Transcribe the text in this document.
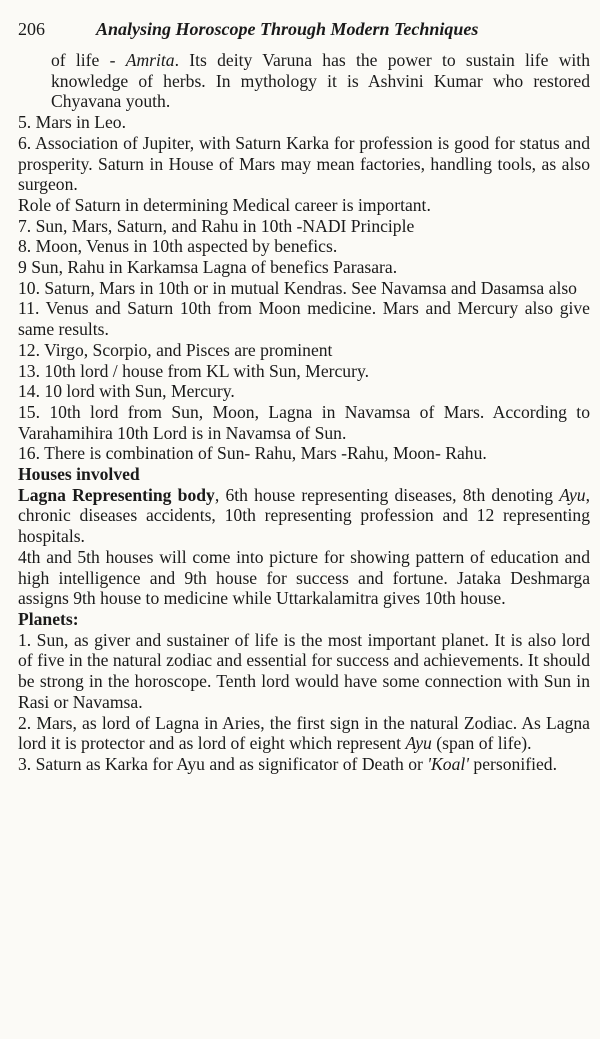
206	Analysing Horoscope Through Modern Techniques

of life - Amrita. Its deity Varuna has the power to sustain life with knowledge of herbs. In mythology it is Ashvini Kumar who restored Chyavana youth.

5. Mars in Leo.

6. Association of Jupiter, with Saturn Karka for profession is good for status and prosperity. Saturn in House of Mars may mean factories, handling tools, as also surgeon.

Role of Saturn in determining Medical career is important.

7. Sun, Mars, Saturn, and Rahu in 10th -NADI Principle

8. Moon, Venus in 10th aspected by benefics.

9 Sun, Rahu in Karkamsa Lagna of benefics Parasara.

10. Saturn, Mars in 10th or in mutual Kendras. See Navamsa and Dasamsa also

11. Venus and Saturn 10th from Moon medicine. Mars and Mercury also give same results.

12. Virgo, Scorpio, and Pisces are prominent

13. 10th lord / house from KL with Sun, Mercury.

14. 10 lord with Sun, Mercury.

15. 10th lord from Sun, Moon, Lagna in Navamsa of Mars. According to Varahamihira 10th Lord is in Navamsa of Sun.

16. There is combination of Sun- Rahu, Mars -Rahu, Moon- Rahu.

Houses involved

Lagna Representing body, 6th house representing diseases, 8th denoting Ayu, chronic diseases accidents, 10th representing profession and 12 representing hospitals.

4th and 5th houses will come into picture for showing pattern of education and high intelligence and 9th house for success and fortune. Jataka Deshmarga assigns 9th house to medicine while Uttarkalamitra gives 10th house.

Planets:

1. Sun, as giver and sustainer of life is the most important planet. It is also lord of five in the natural zodiac and essential for success and achievements. It should be strong in the horoscope. Tenth lord would have some connection with Sun in Rasi or Navamsa.

2. Mars, as lord of Lagna in Aries, the first sign in the natural Zodiac. As Lagna lord it is protector and as lord of eight which represent Ayu (span of life).

3. Saturn as Karka for Ayu and as significator of Death or 'Koal' personified.
